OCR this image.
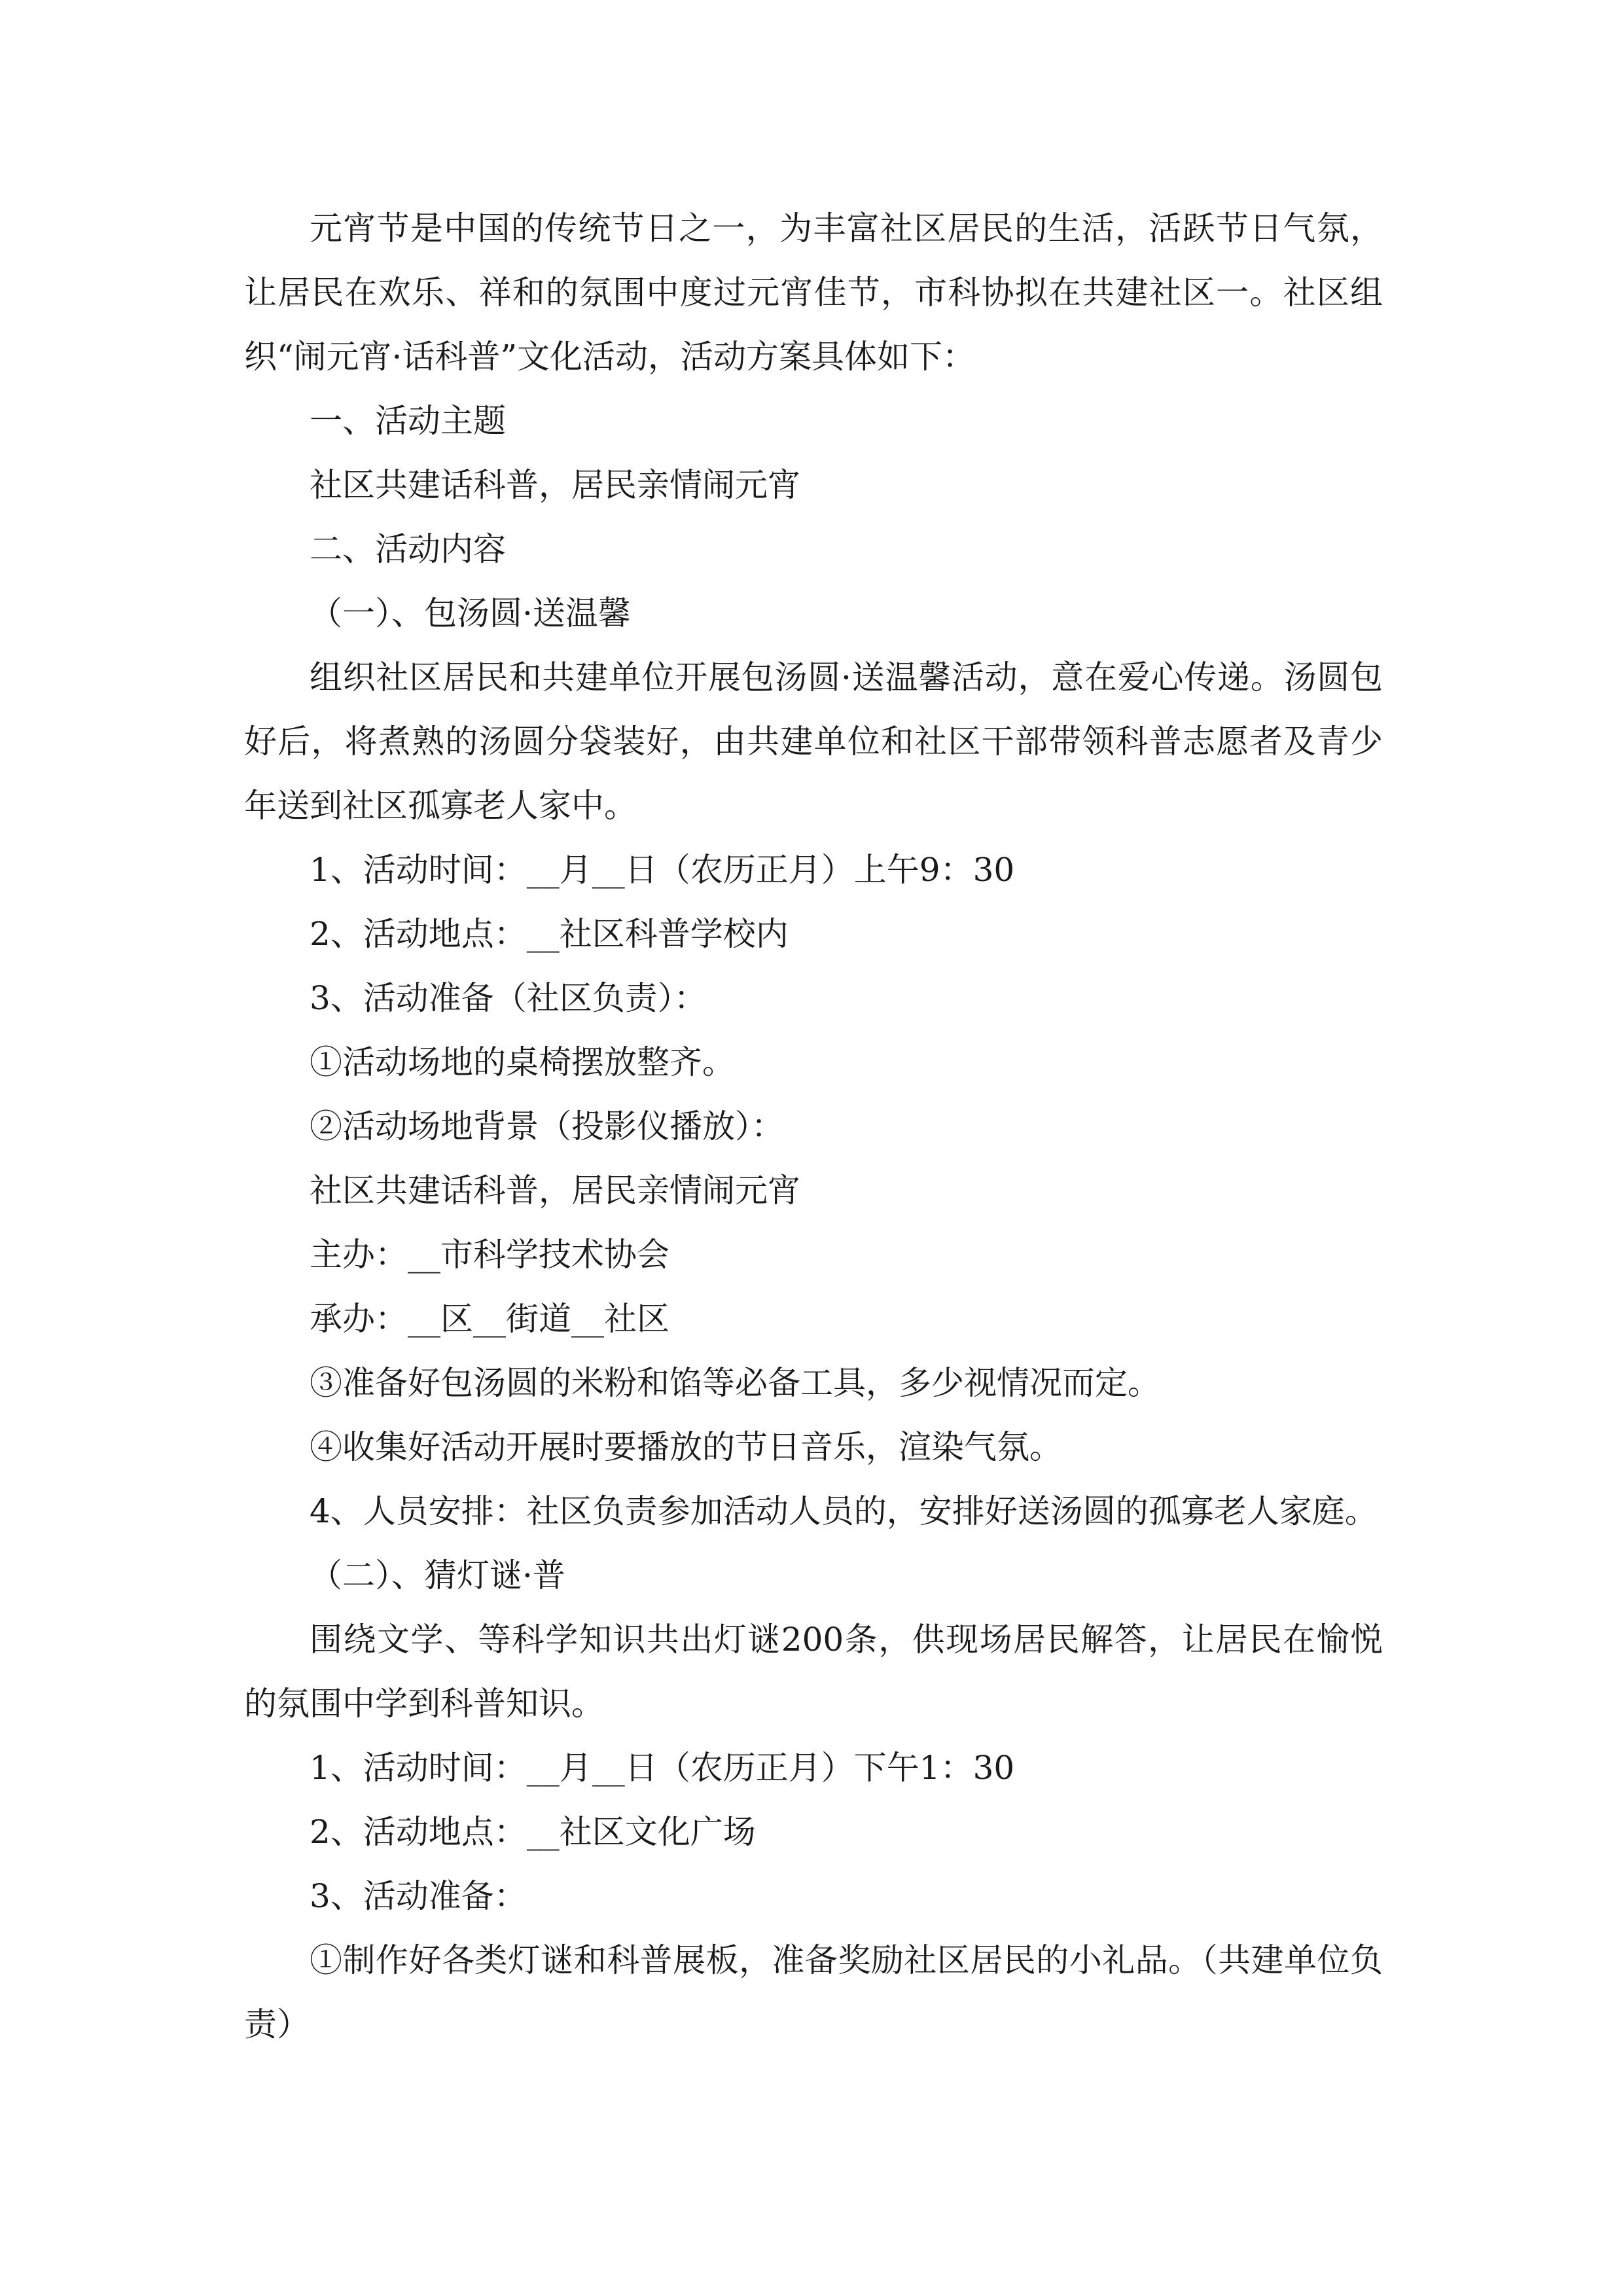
元宵节是中国的传统节日之一，为丰富社区居民的生活，活跃节日气氛，让居民在欢乐、祥和的氛围中度过元宵佳节，市科协拟在共建社区一。社区组织“闹元宵·话科普”文化活动，活动方案具体如下：

一、活动主题

社区共建话科普，居民亲情闹元宵

二、活动内容

（一）、包汤圆·送温馨

组织社区居民和共建单位开展包汤圆·送温馨活动，意在爱心传递。汤圆包好后，将煮熟的汤圆分袋装好，由共建单位和社区干部带领科普志愿者及青少年送到社区孤寡老人家中。

1、活动时间：__月__日（农历正月）上午9：30

2、活动地点：__社区科普学校内

3、活动准备（社区负责）：

①活动场地的桌椅摆放整齐。

②活动场地背景（投影仪播放）：

社区共建话科普，居民亲情闹元宵

主办：__市科学技术协会

承办：__区__街道__社区

③准备好包汤圆的米粉和馅等必备工具，多少视情况而定。

④收集好活动开展时要播放的节日音乐，渲染气氛。

4、人员安排：社区负责参加活动人员的，安排好送汤圆的孤寡老人家庭。

（二）、猜灯谜·普

围绕文学、等科学知识共出灯谜200条，供现场居民解答，让居民在愉悦的氛围中学到科普知识。

1、活动时间：__月__日（农历正月）下午1：30

2、活动地点：__社区文化广场

3、活动准备：

①制作好各类灯谜和科普展板，准备奖励社区居民的小礼品。（共建单位负责）
